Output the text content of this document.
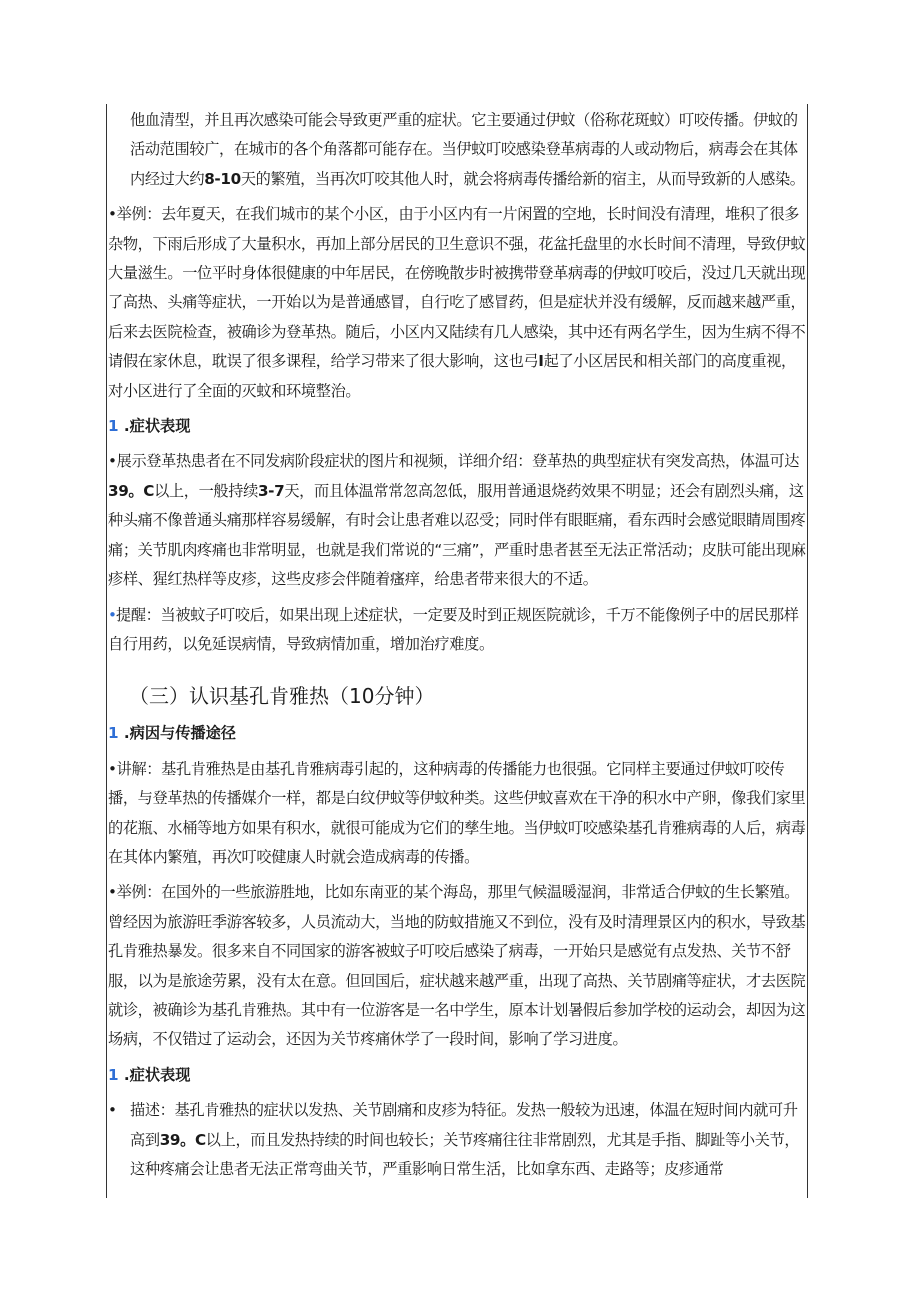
他血清型，并且再次感染可能会导致更严重的症状。它主要通过伊蚊（俗称花斑蚊）叮咬传播。伊蚊的活动范围较广，在城市的各个角落都可能存在。当伊蚊叮咬感染登革病毒的人或动物后，病毒会在其体内经过大约8-10天的繁殖，当再次叮咬其他人时，就会将病毒传播给新的宿主，从而导致新的人感染。

•举例：去年夏天，在我们城市的某个小区，由于小区内有一片闲置的空地，长时间没有清理，堆积了很多杂物，下雨后形成了大量积水，再加上部分居民的卫生意识不强，花盆托盘里的水长时间不清理，导致伊蚊大量滋生。一位平时身体很健康的中年居民，在傍晚散步时被携带登革病毒的伊蚊叮咬后，没过几天就出现了高热、头痛等症状，一开始以为是普通感冒，自行吃了感冒药，但是症状并没有缓解，反而越来越严重，后来去医院检查，被确诊为登革热。随后，小区内又陆续有几人感染，其中还有两名学生，因为生病不得不请假在家休息，耽误了很多课程，给学习带来了很大影响，这也弓I起了小区居民和相关部门的高度重视，对小区进行了全面的灭蚊和环境整治。

1 .症状表现

•展示登革热患者在不同发病阶段症状的图片和视频，详细介绍：登革热的典型症状有突发高热，体温可达39。C以上，一般持续3-7天，而且体温常常忽高忽低，服用普通退烧药效果不明显；还会有剧烈头痛，这种头痛不像普通头痛那样容易缓解，有时会让患者难以忍受；同时伴有眼眶痛，看东西时会感觉眼睛周围疼痛；关节肌肉疼痛也非常明显，也就是我们常说的“三痛”，严重时患者甚至无法正常活动；皮肤可能出现麻疹样、猩红热样等皮疹，这些皮疹会伴随着瘙痒，给患者带来很大的不适。

•提醒：当被蚊子叮咬后，如果出现上述症状，一定要及时到正规医院就诊，千万不能像例子中的居民那样自行用药，以免延误病情，导致病情加重，增加治疗难度。

（三）认识基孔肯雅热（10分钟）

1 .病因与传播途径

•讲解：基孔肯雅热是由基孔肯雅病毒引起的，这种病毒的传播能力也很强。它同样主要通过伊蚊叮咬传播，与登革热的传播媒介一样，都是白纹伊蚊等伊蚊种类。这些伊蚊喜欢在干净的积水中产卵，像我们家里的花瓶、水桶等地方如果有积水，就很可能成为它们的孳生地。当伊蚊叮咬感染基孔肯雅病毒的人后，病毒在其体内繁殖，再次叮咬健康人时就会造成病毒的传播。

•举例：在国外的一些旅游胜地，比如东南亚的某个海岛，那里气候温暖湿润，非常适合伊蚊的生长繁殖。曾经因为旅游旺季游客较多，人员流动大，当地的防蚊措施又不到位，没有及时清理景区内的积水，导致基孔肯雅热暴发。很多来自不同国家的游客被蚊子叮咬后感染了病毒，一开始只是感觉有点发热、关节不舒服，以为是旅途劳累，没有太在意。但回国后，症状越来越严重，出现了高热、关节剧痛等症状，才去医院就诊，被确诊为基孔肯雅热。其中有一位游客是一名中学生，原本计划暑假后参加学校的运动会，却因为这场病，不仅错过了运动会，还因为关节疼痛休学了一段时间，影响了学习进度。

1 .症状表现

• 描述：基孔肯雅热的症状以发热、关节剧痛和皮疹为特征。发热一般较为迅速，体温在短时间内就可升高到39。C以上，而且发热持续的时间也较长；关节疼痛往往非常剧烈，尤其是手指、脚趾等小关节，这种疼痛会让患者无法正常弯曲关节，严重影响日常生活，比如拿东西、走路等；皮疹通常
